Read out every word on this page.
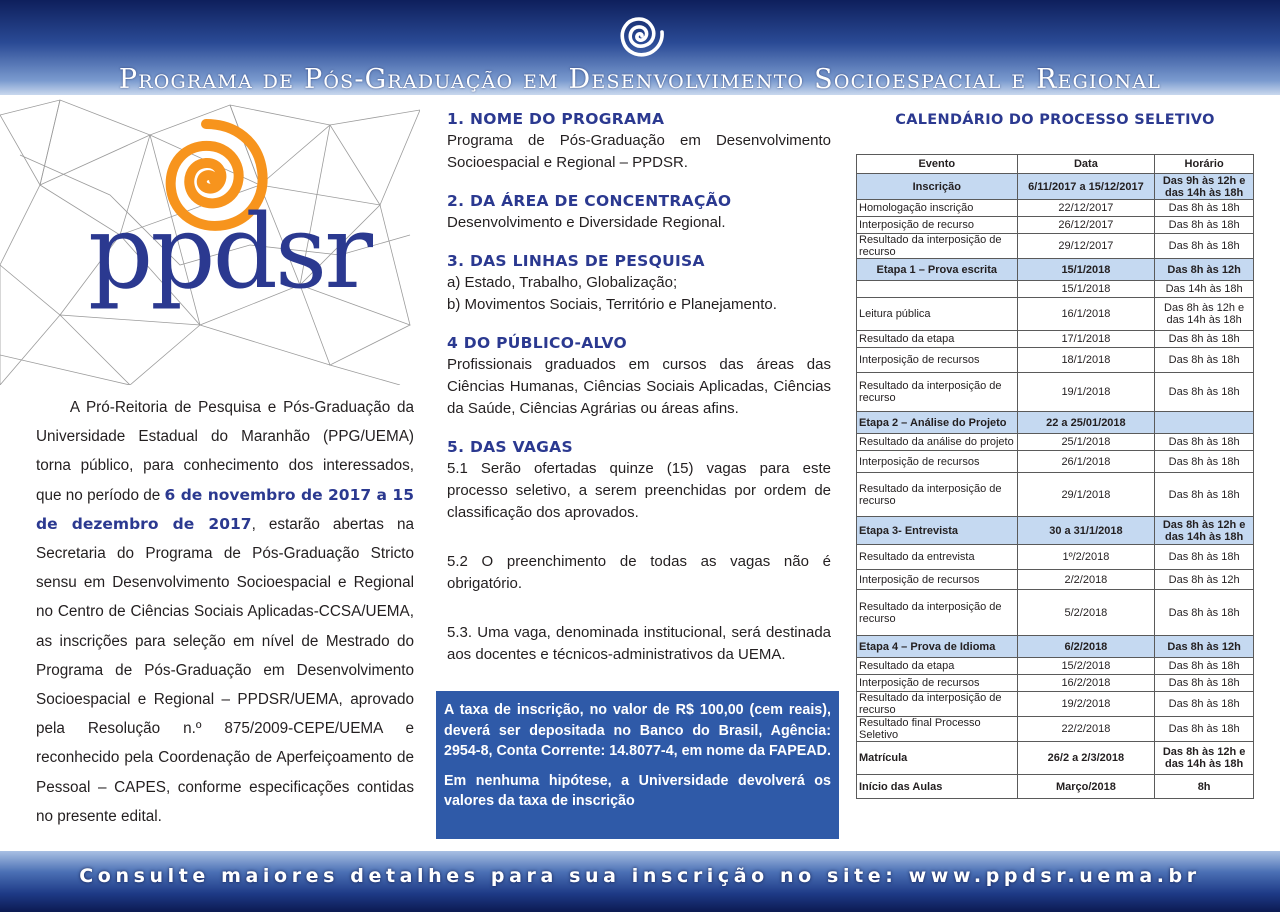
Programa de Pós-Graduação em Desenvolvimento Socioespacial e Regional
ppdsr
A Pró-Reitoria de Pesquisa e Pós-Graduação da Universidade Estadual do Maranhão (PPG/UEMA) torna público, para conhecimento dos interessados, que no período de 6 de novembro de 2017 a 15 de dezembro de 2017, estarão abertas na Secretaria do Programa de Pós-Graduação Stricto sensu em Desenvolvimento Socioespacial e Regional no Centro de Ciências Sociais Aplicadas-CCSA/UEMA, as inscrições para seleção em nível de Mestrado do Programa de Pós-Graduação em Desenvolvimento Socioespacial e Regional – PPDSR/UEMA, aprovado pela Resolução n.º 875/2009-CEPE/UEMA e reconhecido pela Coordenação de Aperfeiçoamento de Pessoal – CAPES, conforme especificações contidas no presente edital.
1. NOME DO PROGRAMA
Programa de Pós-Graduação em Desenvolvimento Socioespacial e Regional – PPDSR.
2. DA ÁREA DE CONCENTRAÇÃO
Desenvolvimento e Diversidade Regional.
3. DAS LINHAS DE PESQUISA
a) Estado, Trabalho, Globalização;
b) Movimentos Sociais, Território e Planejamento.
4 DO PÚBLICO-ALVO
Profissionais graduados em cursos das áreas das Ciências Humanas, Ciências Sociais Aplicadas, Ciências da Saúde, Ciências Agrárias ou áreas afins.
5. DAS VAGAS
5.1 Serão ofertadas quinze (15) vagas para este processo seletivo, a serem preenchidas por ordem de classificação dos aprovados.
5.2 O preenchimento de todas as vagas não é obrigatório.
5.3. Uma vaga, denominada institucional, será destinada aos docentes e técnicos-administrativos da UEMA.

A taxa de inscrição, no valor de R$ 100,00 (cem reais), deverá ser depositada no Banco do Brasil, Agência: 2954-8, Conta Corrente: 14.8077-4, em nome da FAPEAD.

Em nenhuma hipótese, a Universidade devolverá os valores da taxa de inscrição

CALENDÁRIO DO PROCESSO SELETIVO
Evento	Data	Horário
Inscrição	6/11/2017 a 15/12/2017	Das 9h às 12h e das 14h às 18h
Homologação inscrição	22/12/2017	Das 8h às 18h
Interposição de recurso	26/12/2017	Das 8h às 18h
Resultado da interposição de recurso	29/12/2017	Das 8h às 18h
Etapa 1 – Prova escrita	15/1/2018	Das 8h às 12h
	15/1/2018	Das 14h às 18h
Leitura pública	16/1/2018	Das 8h às 12h e das 14h às 18h
Resultado da etapa	17/1/2018	Das 8h às 18h
Interposição de recursos	18/1/2018	Das 8h às 18h
Resultado da interposição de recurso	19/1/2018	Das 8h às 18h
Etapa 2 – Análise do Projeto	22 a 25/01/2018	
Resultado da análise do projeto	25/1/2018	Das 8h às 18h
Interposição de recursos	26/1/2018	Das 8h às 18h
Resultado da interposição de recurso	29/1/2018	Das 8h às 18h
Etapa 3- Entrevista	30 a 31/1/2018	Das 8h às 12h e das 14h às 18h
Resultado da entrevista	1º/2/2018	Das 8h às 18h
Interposição de recursos	2/2/2018	Das 8h às 12h
Resultado da interposição de recurso	5/2/2018	Das 8h às 18h
Etapa 4 – Prova de Idioma	6/2/2018	Das 8h às 12h
Resultado da etapa	15/2/2018	Das 8h às 18h
Interposição de recursos	16/2/2018	Das 8h às 18h
Resultado da interposição de recurso	19/2/2018	Das 8h às 18h
Resultado final Processo Seletivo	22/2/2018	Das 8h às 18h
Matrícula	26/2 a 2/3/2018	Das 8h às 12h e das 14h às 18h
Início das Aulas	Março/2018	8h
Consulte maiores detalhes para sua inscrição no site: www.ppdsr.uema.br
